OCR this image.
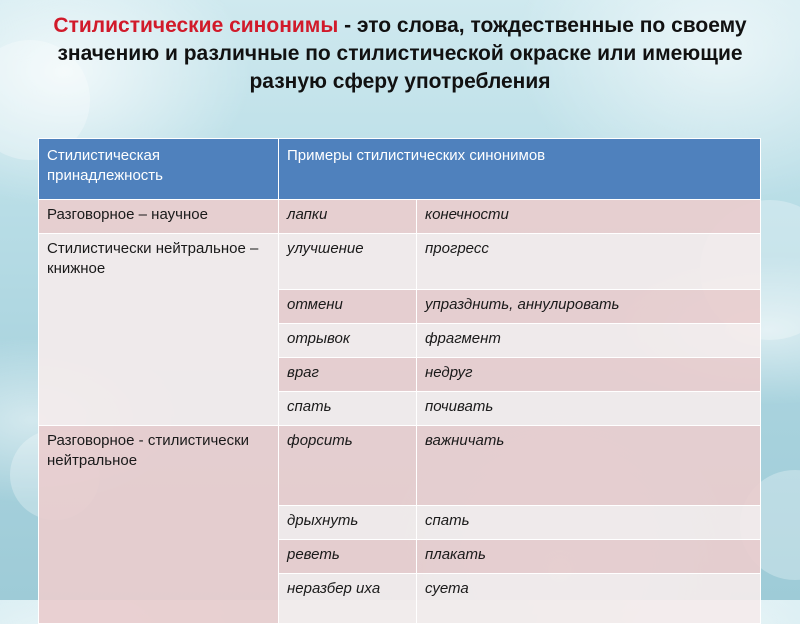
Стилистические синонимы - это слова, тождественные по своему значению и различные по стилистической окраске или имеющие разную сферу употребления
Стилистическая принадлежность	Примеры стилистических синонимов	
Разговорное – научное	лапки	конечности
Стилистически нейтральное – книжное	улучшение	прогресс
	отмени	упразднить, аннулировать
	отрывок	фрагмент
	враг	недруг
	спать	почивать
Разговорное - стилистически нейтральное	форсить	важничать
	дрыхнуть	спать
	реветь	плакать
	неразбер ихa	суета
